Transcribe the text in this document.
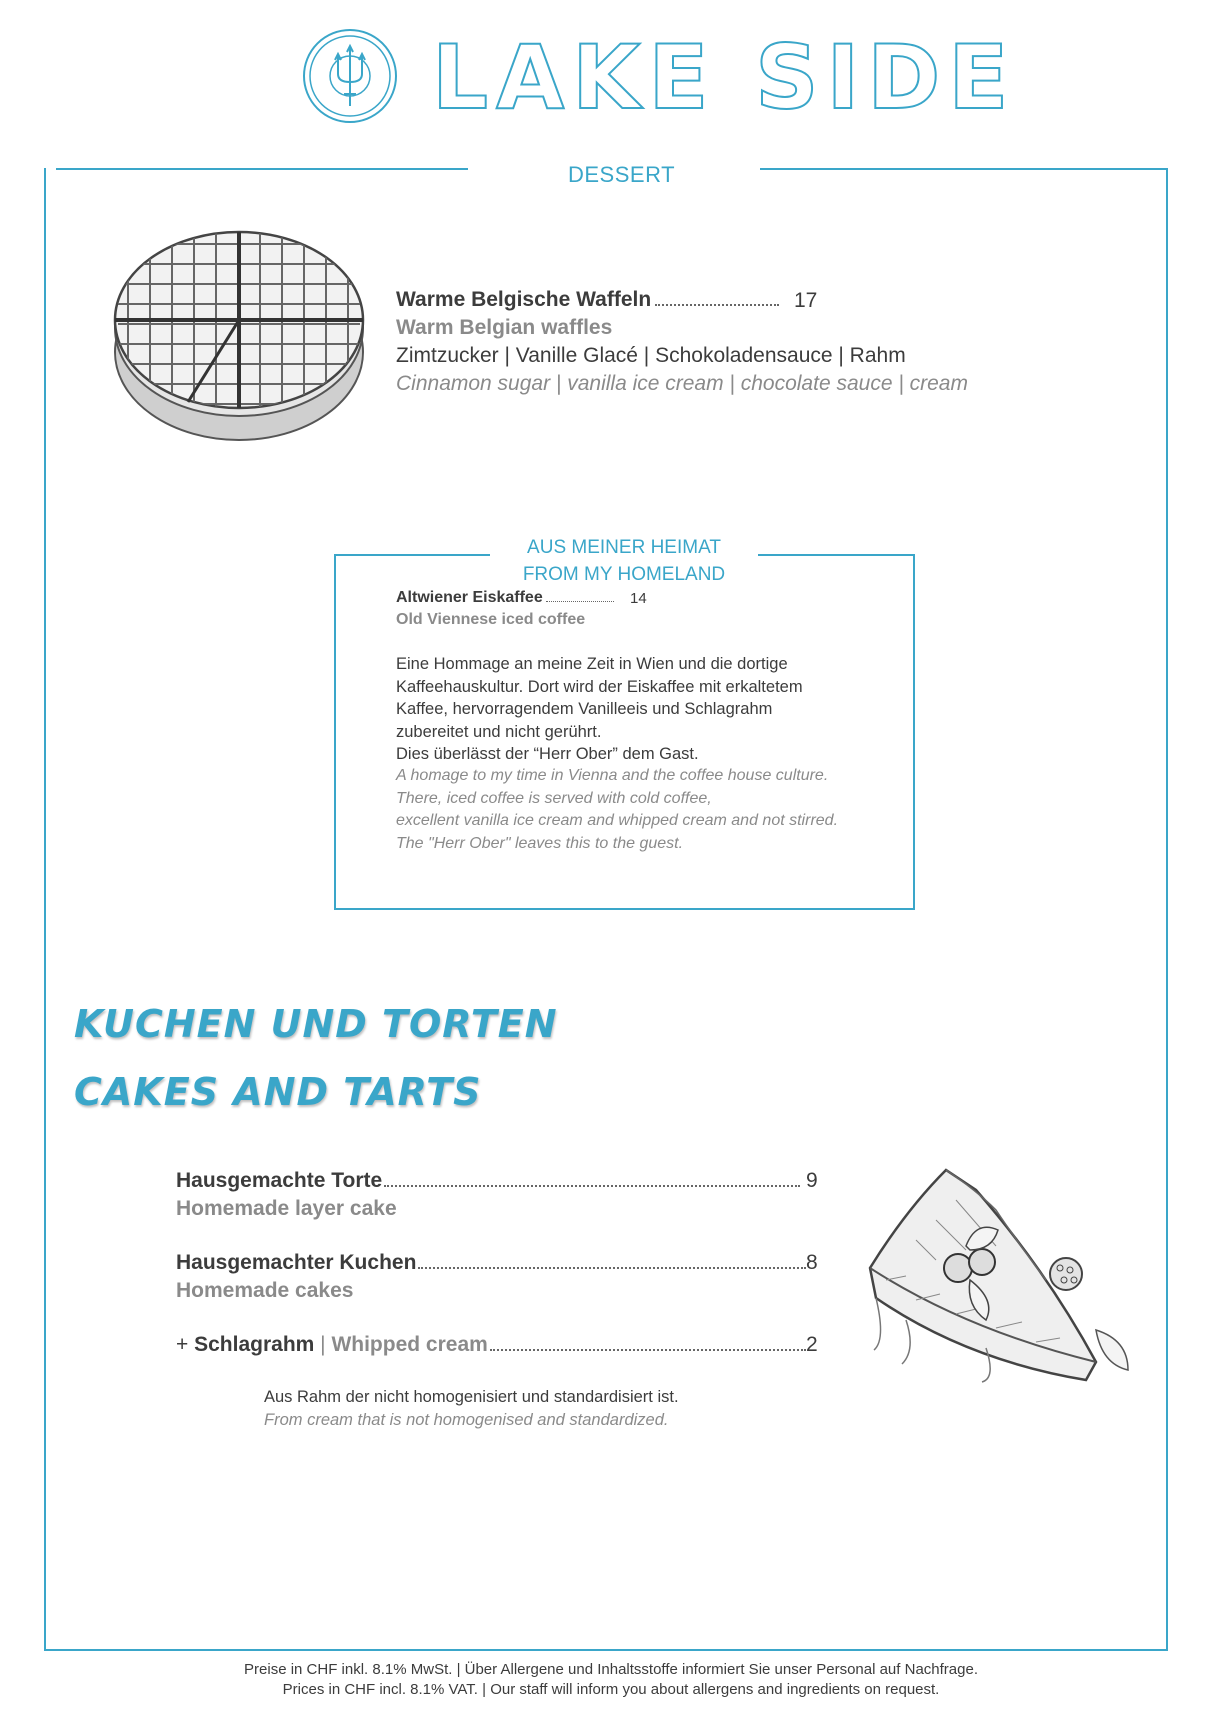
LAKE SIDE
DESSERT
Warme Belgische Waffeln	17
Warm Belgian waffles
Zimtzucker | Vanille Glacé | Schokoladensauce | Rahm
Cinnamon sugar | vanilla ice cream | chocolate sauce | cream
AUS MEINER HEIMAT
FROM MY HOMELAND
Altwiener Eiskaffee	14
Old Viennese iced coffee
Eine Hommage an meine Zeit in Wien und die dortige
Kaffeehauskultur. Dort wird der Eiskaffee mit erkaltetem
Kaffee, hervorragendem Vanilleeis und Schlagrahm
zubereitet und nicht gerührt.
Dies überlässt der “Herr Ober” dem Gast.
A homage to my time in Vienna and the coffee house culture.
There, iced coffee is served with cold coffee,
excellent vanilla ice cream and whipped cream and not stirred.
The "Herr Ober" leaves this to the guest.
KUCHEN UND TORTEN
CAKES AND TARTS
Hausgemachte Torte	9
Homemade layer cake
Hausgemachter Kuchen	8
Homemade cakes
+ Schlagrahm | Whipped cream	2
Aus Rahm der nicht homogenisiert und standardisiert ist.
From cream that is not homogenised and standardized.
Preise in CHF inkl. 8.1% MwSt. | Über Allergene und Inhaltsstoffe informiert Sie unser Personal auf Nachfrage.
Prices in CHF incl. 8.1% VAT. | Our staff will inform you about allergens and ingredients on request.
